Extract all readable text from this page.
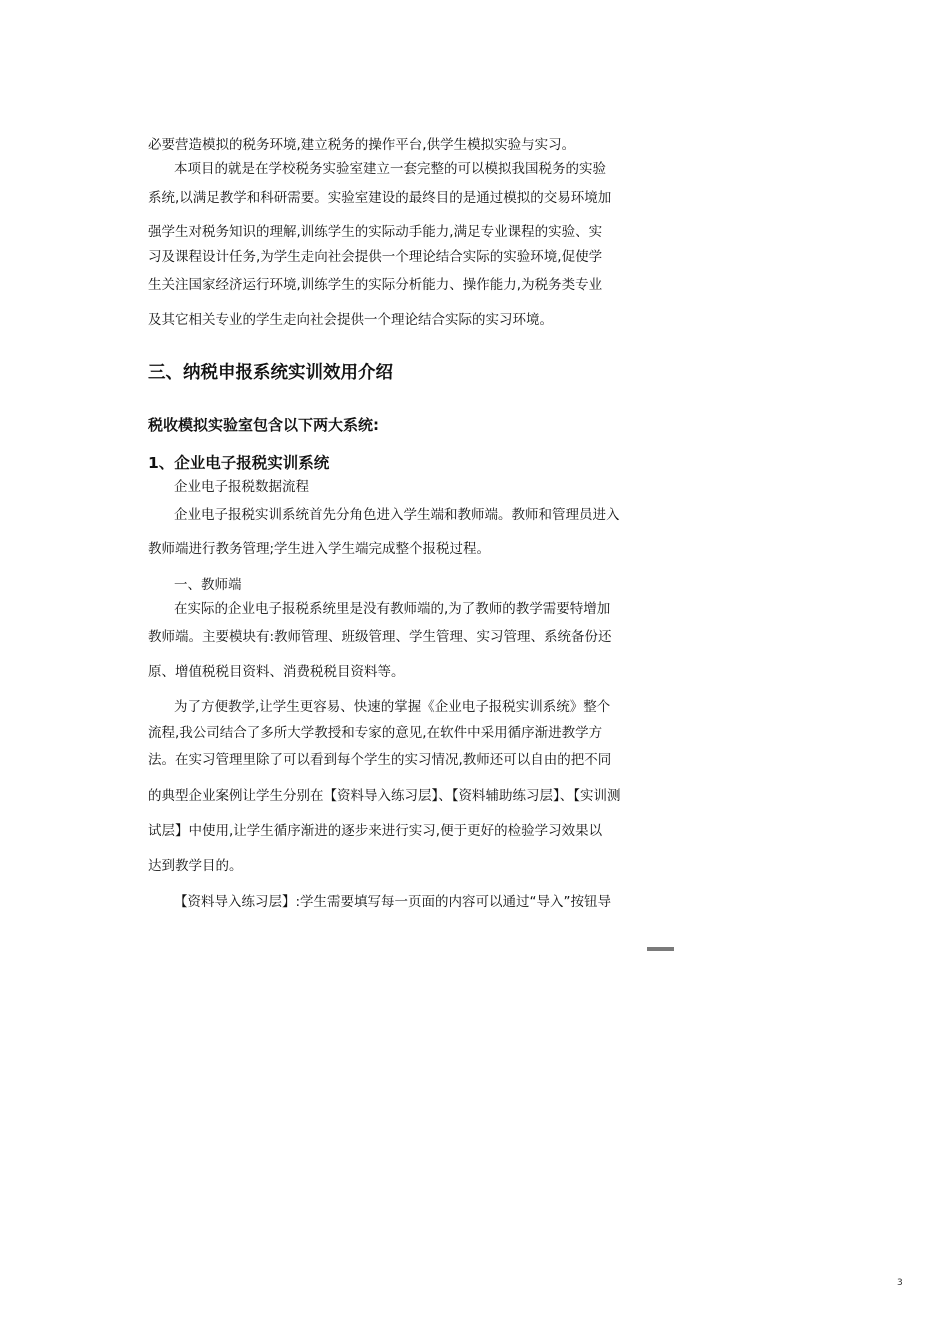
必要营造模拟的税务环境,建立税务的操作平台,供学生模拟实验与实习。
本项目的就是在学校税务实验室建立一套完整的可以模拟我国税务的实验
系统,以满足教学和科研需要。实验室建设的最终目的是通过模拟的交易环境加
强学生对税务知识的理解,训练学生的实际动手能力,满足专业课程的实验、实
习及课程设计任务,为学生走向社会提供一个理论结合实际的实验环境,促使学
生关注国家经济运行环境,训练学生的实际分析能力、操作能力,为税务类专业
及其它相关专业的学生走向社会提供一个理论结合实际的实习环境。
三、纳税申报系统实训效用介绍
税收模拟实验室包含以下两大系统:
1、企业电子报税实训系统
企业电子报税数据流程
企业电子报税实训系统首先分角色进入学生端和教师端。教师和管理员进入
教师端进行教务管理;学生进入学生端完成整个报税过程。
一、教师端
在实际的企业电子报税系统里是没有教师端的,为了教师的教学需要特增加
教师端。主要模块有:教师管理、班级管理、学生管理、实习管理、系统备份还
原、增值税税目资料、消费税税目资料等。
为了方便教学,让学生更容易、快速的掌握《企业电子报税实训系统》整个
流程,我公司结合了多所大学教授和专家的意见,在软件中采用循序渐进教学方
法。在实习管理里除了可以看到每个学生的实习情况,教师还可以自由的把不同
的典型企业案例让学生分别在【资料导入练习层】、【资料辅助练习层】、【实训测
试层】中使用,让学生循序渐进的逐步来进行实习,便于更好的检验学习效果以
达到教学目的。
【资料导入练习层】:学生需要填写每一页面的内容可以通过“导入”按钮导
3
